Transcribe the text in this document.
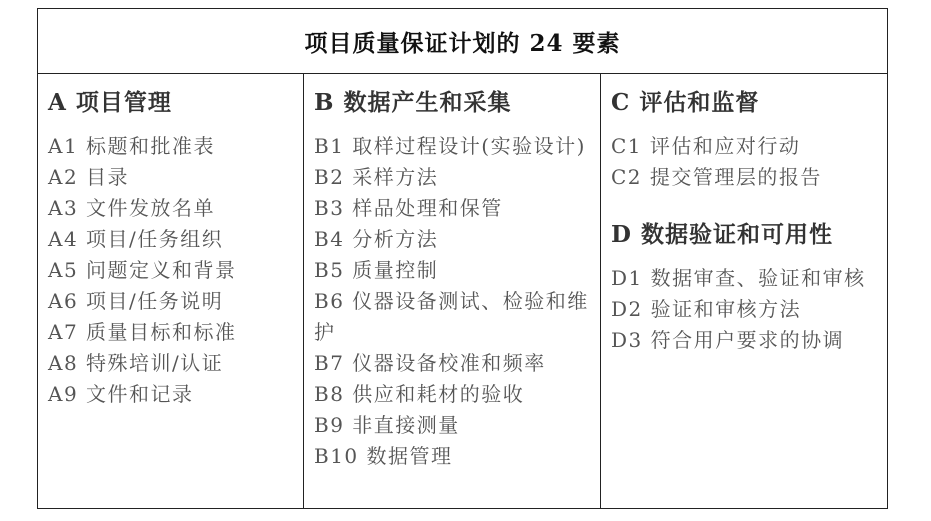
项目质量保证计划的 24 要素
A 项目管理
A1 标题和批准表
A2 目录
A3 文件发放名单
A4 项目/任务组织
A5 问题定义和背景
A6 项目/任务说明
A7 质量目标和标准
A8 特殊培训/认证
A9 文件和记录
B 数据产生和采集
B1 取样过程设计(实验设计)
B2 采样方法
B3 样品处理和保管
B4 分析方法
B5 质量控制
B6 仪器设备测试、检验和维护
B7 仪器设备校准和频率
B8 供应和耗材的验收
B9 非直接测量
B10 数据管理
C 评估和监督
C1 评估和应对行动
C2 提交管理层的报告
D 数据验证和可用性
D1 数据审查、验证和审核
D2 验证和审核方法
D3 符合用户要求的协调
